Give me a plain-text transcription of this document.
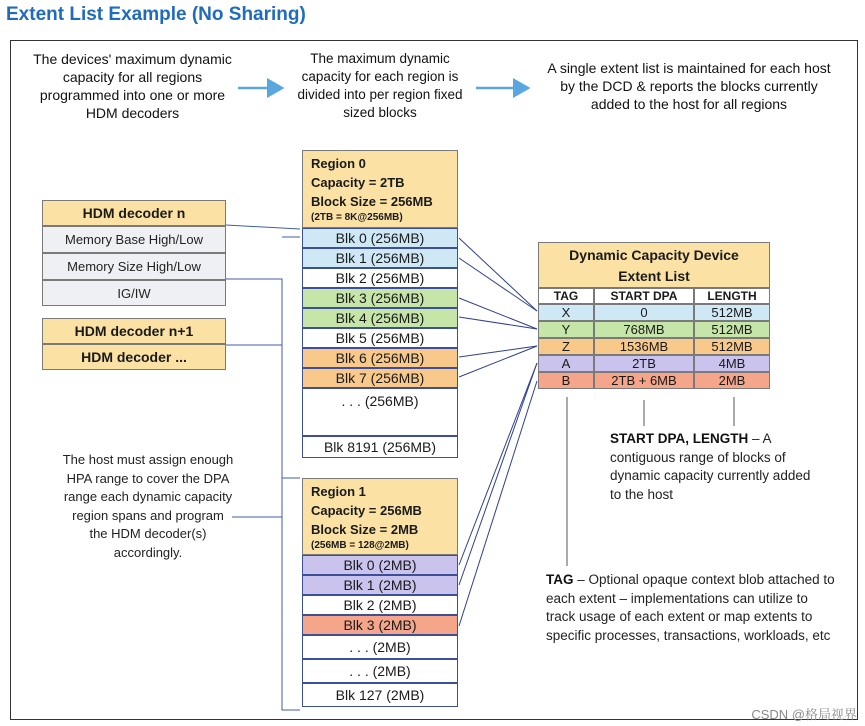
Extent List Example (No Sharing)
The devices' maximum dynamic capacity for all regions programmed into one or more HDM decoders
The maximum dynamic capacity for each region is divided into per region fixed sized blocks
A single extent list is maintained for each host by the DCD & reports the blocks currently added to the host for all regions
HDM decoder n
Memory Base High/Low
Memory Size High/Low
IG/IW
HDM decoder n+1
HDM decoder ...
The host must assign enough HPA range to cover the DPA range each dynamic capacity region spans and program the HDM decoder(s) accordingly.
Region 0
Capacity = 2TB
Block Size = 256MB
(2TB = 8K@256MB)
Blk 0 (256MB)
Blk 1 (256MB)
Blk 2 (256MB)
Blk 3 (256MB)
Blk 4 (256MB)
Blk 5 (256MB)
Blk 6 (256MB)
Blk 7 (256MB)
. . . (256MB)
Blk 8191 (256MB)
Region 1
Capacity = 256MB
Block Size = 2MB
(256MB = 128@2MB)
Blk 0 (2MB)
Blk 1 (2MB)
Blk 2 (2MB)
Blk 3 (2MB)
. . . (2MB)
. . . (2MB)
Blk 127 (2MB)
Dynamic Capacity Device
Extent List
TAG	START DPA	LENGTH
X	0	512MB
Y	768MB	512MB
Z	1536MB	512MB
A	2TB	4MB
B	2TB + 6MB	2MB
START DPA, LENGTH – A contiguous range of blocks of dynamic capacity currently added to the host
TAG – Optional opaque context blob attached to each extent – implementations can utilize to track usage of each extent or map extents to specific processes, transactions, workloads, etc
CSDN @格局视界
